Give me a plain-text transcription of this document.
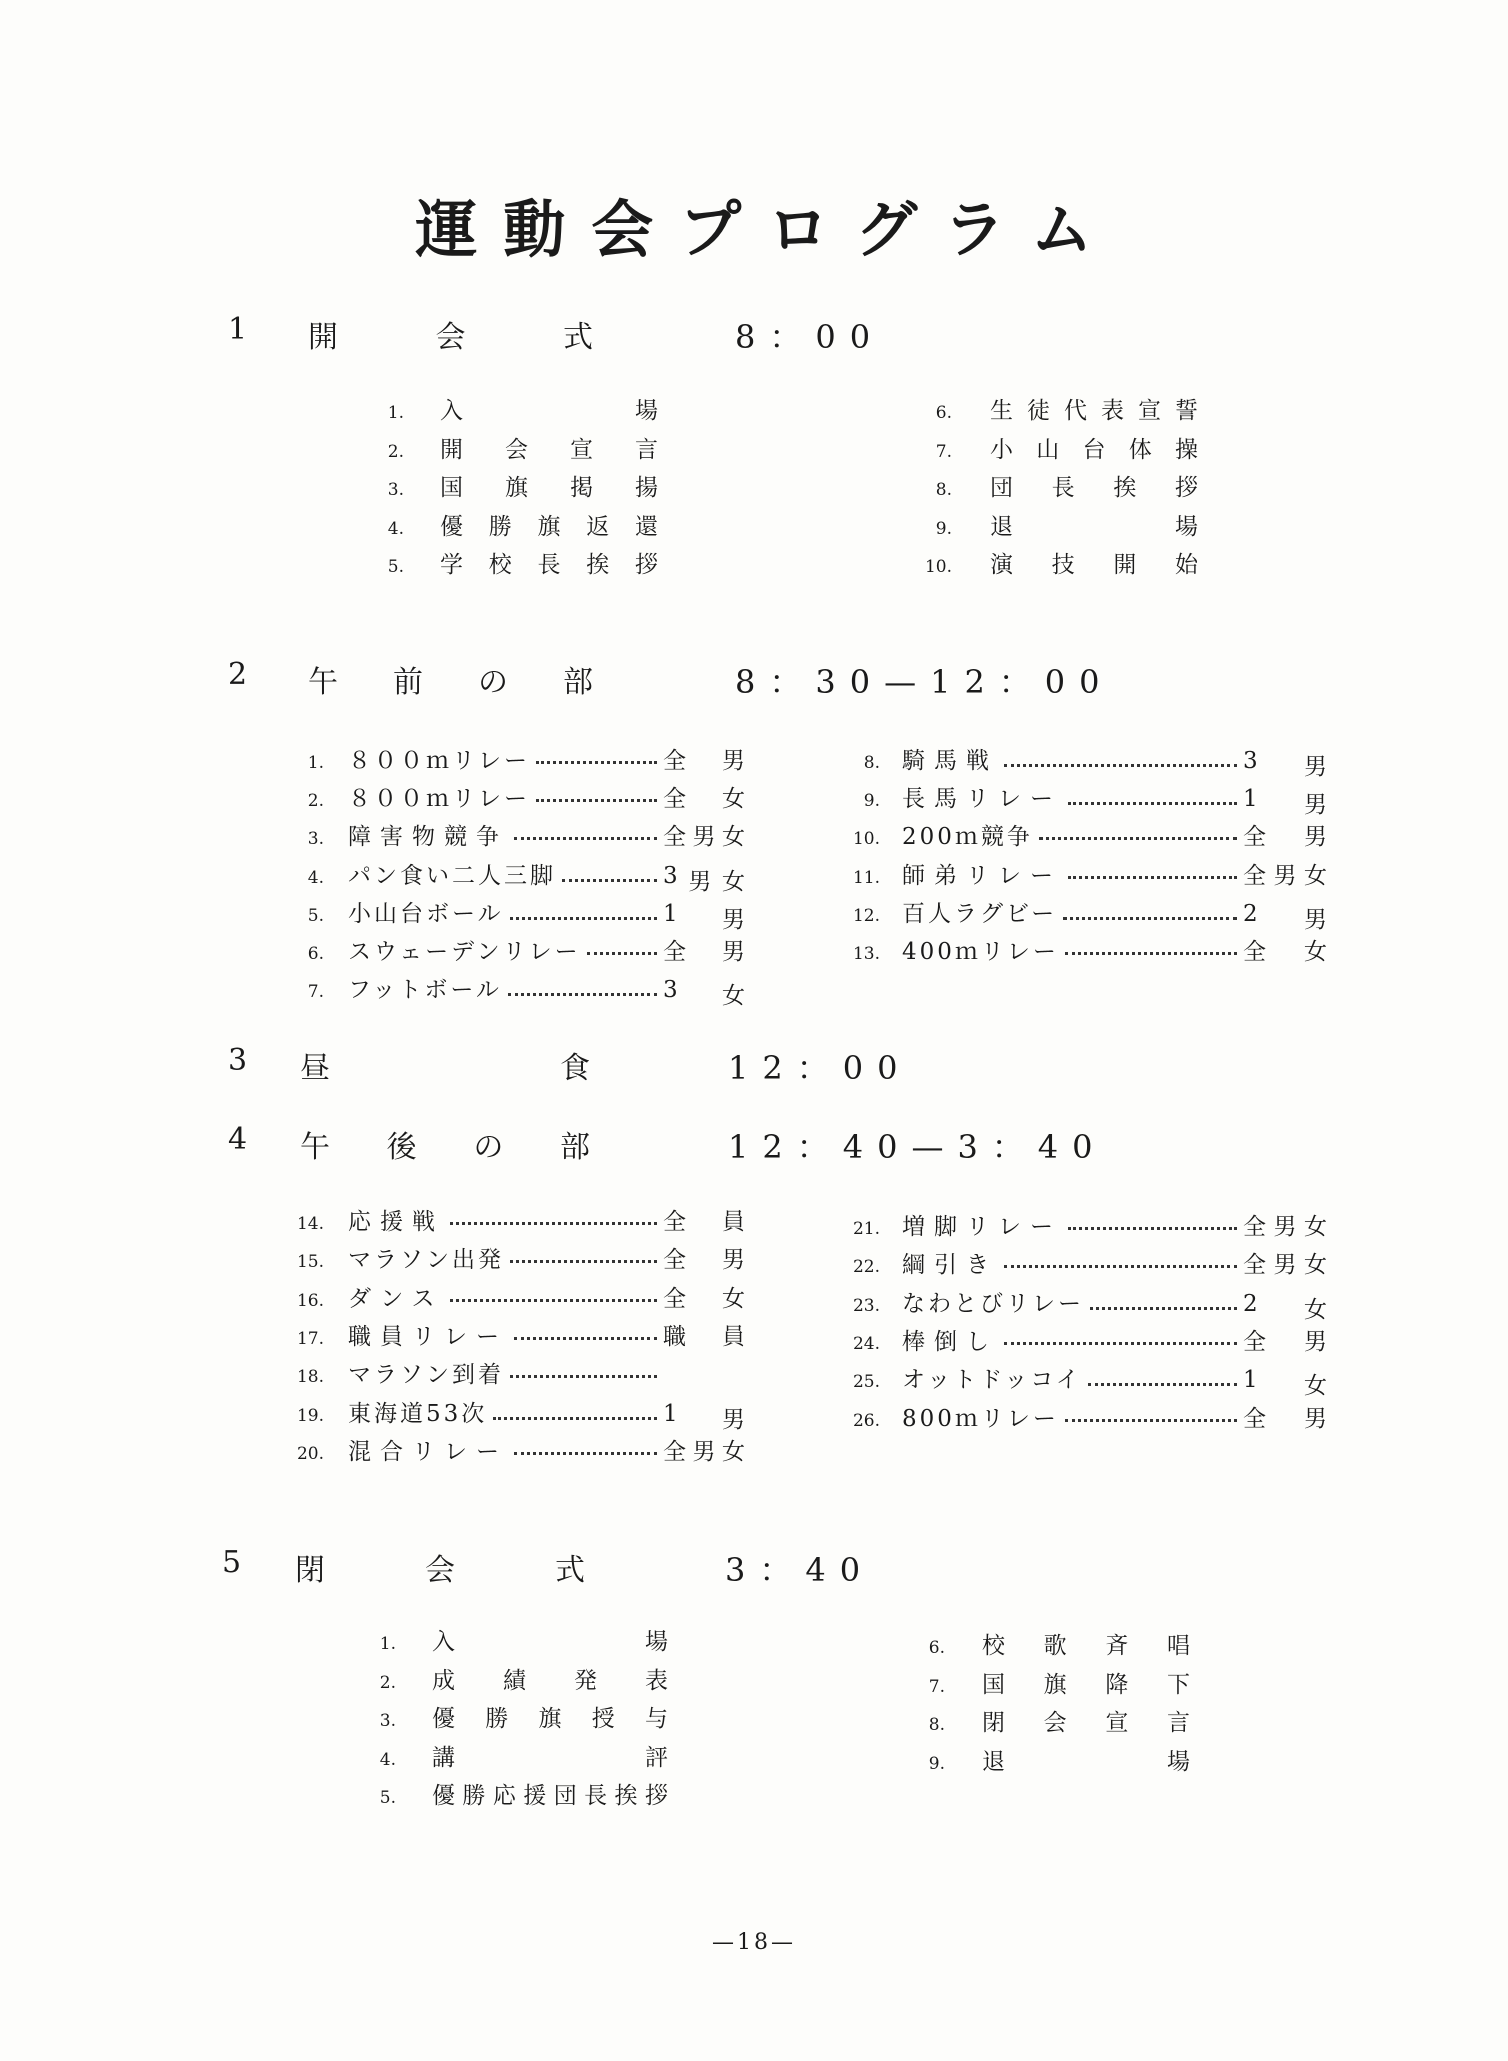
運動会プログラム
1 開	会	式	8：00
2 午 前 の 部	8：30—12：00
3 昼	食	12：00
4 午 後 の 部	12：40—3：40
5 閉	会	式	3：40
1. 入	場
2. 開 会 宣 言
3. 国 旗 掲 揚
4. 優 勝 旗 返 還
5. 学 校 長 挨 拶
6. 生 徒 代 表 宣 誓
7. 小 山 台 体 操
8. 団 長 挨 拶
9. 退	場
10. 演 技 開 始
1. ８００ｍリレー	全 男
2. ８００ｍリレー	全 女
3. 障害物競争	全 男 女
4. パン食い二人三脚	3 男 女
5. 小山台ボール	1 男
6. スウェーデンリレー	全 男
7. フットボール	3 女
8. 騎馬戦	3 男
9. 長馬リレー	1 男
10. 200ｍ競争	全 男
11. 師弟リレー	全 男 女
12. 百人ラグビー	2 男
13. 400ｍリレー	全 女
14. 応援戦	全 員
15. マラソン出発	全 男
16. ダンス	全 女
17. 職員リレー	職 員
18. マラソン到着
19. 東海道53次	1 男
20. 混合リレー	全 男 女
21. 増脚リレー	全 男 女
22. 綱引き	全 男 女
23. なわとびリレー	2 女
24. 棒倒し	全 男
25. オットドッコイ	1 女
26. 800ｍリレー	全 男
1. 入	場
2. 成 績 発 表
3. 優 勝 旗 授 与
4. 講	評
5. 優 勝 応 援 団 長 挨 拶
6. 校 歌 斉 唱
7. 国 旗 降 下
8. 閉 会 宣 言
9. 退	場
—18—
